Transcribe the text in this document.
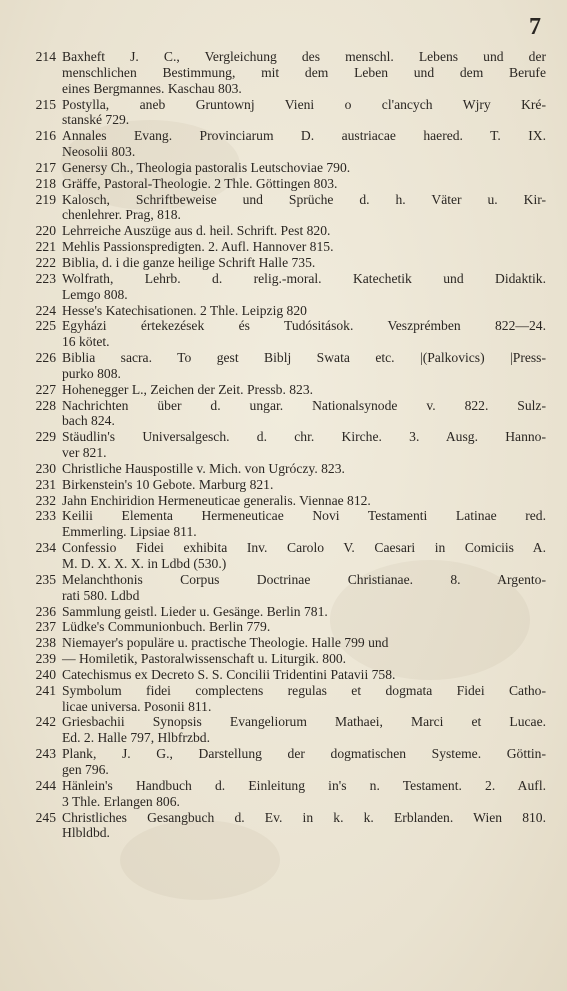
7
214 Baxheft J. C., Vergleichung des menschl. Lebens und der
menschlichen Bestimmung, mit dem Leben und dem Berufe
eines Bergmannes. Kaschau 803.
215 Postylla, aneb Gruntownj Vieni o cl'ancych Wjry Kré-
stanské 729.
216 Annales Evang. Provinciarum D. austriacae haered. T. IX.
Neosolii 803.
217 Genersy Ch., Theologia pastoralis Leutschoviae 790.
218 Gräffe, Pastoral-Theologie. 2 Thle. Göttingen 803.
219 Kalosch, Schriftbeweise und Sprüche d. h. Väter u. Kir-
chenlehrer. Prag, 818.
220 Lehrreiche Auszüge aus d. heil. Schrift. Pest 820.
221 Mehlis Passionspredigten. 2. Aufl. Hannover 815.
222 Biblia, d. i die ganze heilige Schrift Halle 735.
223 Wolfrath, Lehrb. d. relig.-moral. Katechetik und Didaktik.
Lemgo 808.
224 Hesse's Katechisationen. 2 Thle. Leipzig 820
225 Egyházi értekezések és Tudósitások. Veszprémben 822—24.
16 kötet.
226 Biblia sacra. To gest Biblj Swata etc. |(Palkovics) |Press-
purko 808.
227 Hohenegger L., Zeichen der Zeit. Pressb. 823.
228 Nachrichten über d. ungar. Nationalsynode v. 822. Sulz-
bach 824.
229 Stäudlin's Universalgesch. d. chr. Kirche. 3. Ausg. Hanno-
ver 821.
230 Christliche Hauspostille v. Mich. von Ugróczy. 823.
231 Birkenstein's 10 Gebote. Marburg 821.
232 Jahn Enchiridion Hermeneuticae generalis. Viennae 812.
233 Keilii Elementa Hermeneuticae Novi Testamenti Latinae red.
Emmerling. Lipsiae 811.
234 Confessio Fidei exhibita Inv. Carolo V. Caesari in Comiciis A.
M. D. X. X. X. in Ldbd (530.)
235 Melanchthonis Corpus Doctrinae Christianae. 8. Argento-
rati 580. Ldbd
236 Sammlung geistl. Lieder u. Gesänge. Berlin 781.
237 Lüdke's Communionbuch. Berlin 779.
238 Niemayer's populäre u. practische Theologie. Halle 799 und
239 — Homiletik, Pastoralwissenschaft u. Liturgik. 800.
240 Catechismus ex Decreto S. S. Concilii Tridentini Patavii 758.
241 Symbolum fidei complectens regulas et dogmata Fidei Catho-
licae universa. Posonii 811.
242 Griesbachii Synopsis Evangeliorum Mathaei, Marci et Lucae.
Ed. 2. Halle 797, Hlbfrzbd.
243 Plank, J. G., Darstellung der dogmatischen Systeme. Göttin-
gen 796.
244 Hänlein's Handbuch d. Einleitung in's n. Testament. 2. Aufl.
3 Thle. Erlangen 806.
245 Christliches Gesangbuch d. Ev. in k. k. Erblanden. Wien 810.
Hlbldbd.
